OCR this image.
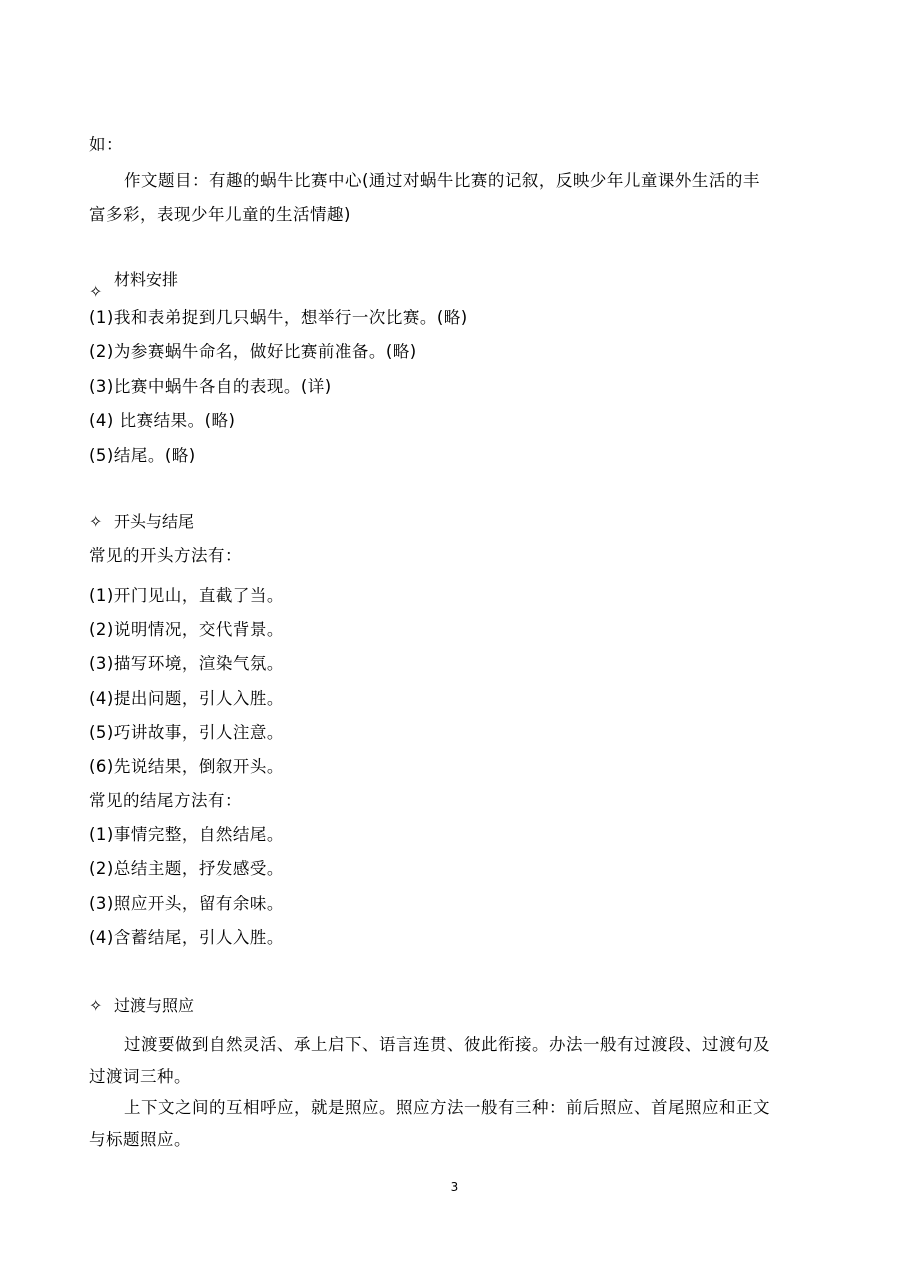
如：
作文题目：有趣的蜗牛比赛中心(通过对蜗牛比赛的记叙，反映少年儿童课外生活的丰
富多彩，表现少年儿童的生活情趣)
✧材料安排
(1)我和表弟捉到几只蜗牛，想举行一次比赛。(略)
(2)为参赛蜗牛命名，做好比赛前准备。(略)
(3)比赛中蜗牛各自的表现。(详)
(4) 比赛结果。(略)
(5)结尾。(略)
✧ 开头与结尾
常见的开头方法有：
(1)开门见山，直截了当。
(2)说明情况，交代背景。
(3)描写环境，渲染气氛。
(4)提出问题，引人入胜。
(5)巧讲故事，引人注意。
(6)先说结果，倒叙开头。
常见的结尾方法有：
(1)事情完整，自然结尾。
(2)总结主题，抒发感受。
(3)照应开头，留有余味。
(4)含蓄结尾，引人入胜。
✧ 过渡与照应
过渡要做到自然灵活、承上启下、语言连贯、彼此衔接。办法一般有过渡段、过渡句及
过渡词三种。
上下文之间的互相呼应，就是照应。照应方法一般有三种：前后照应、首尾照应和正文
与标题照应。
3
